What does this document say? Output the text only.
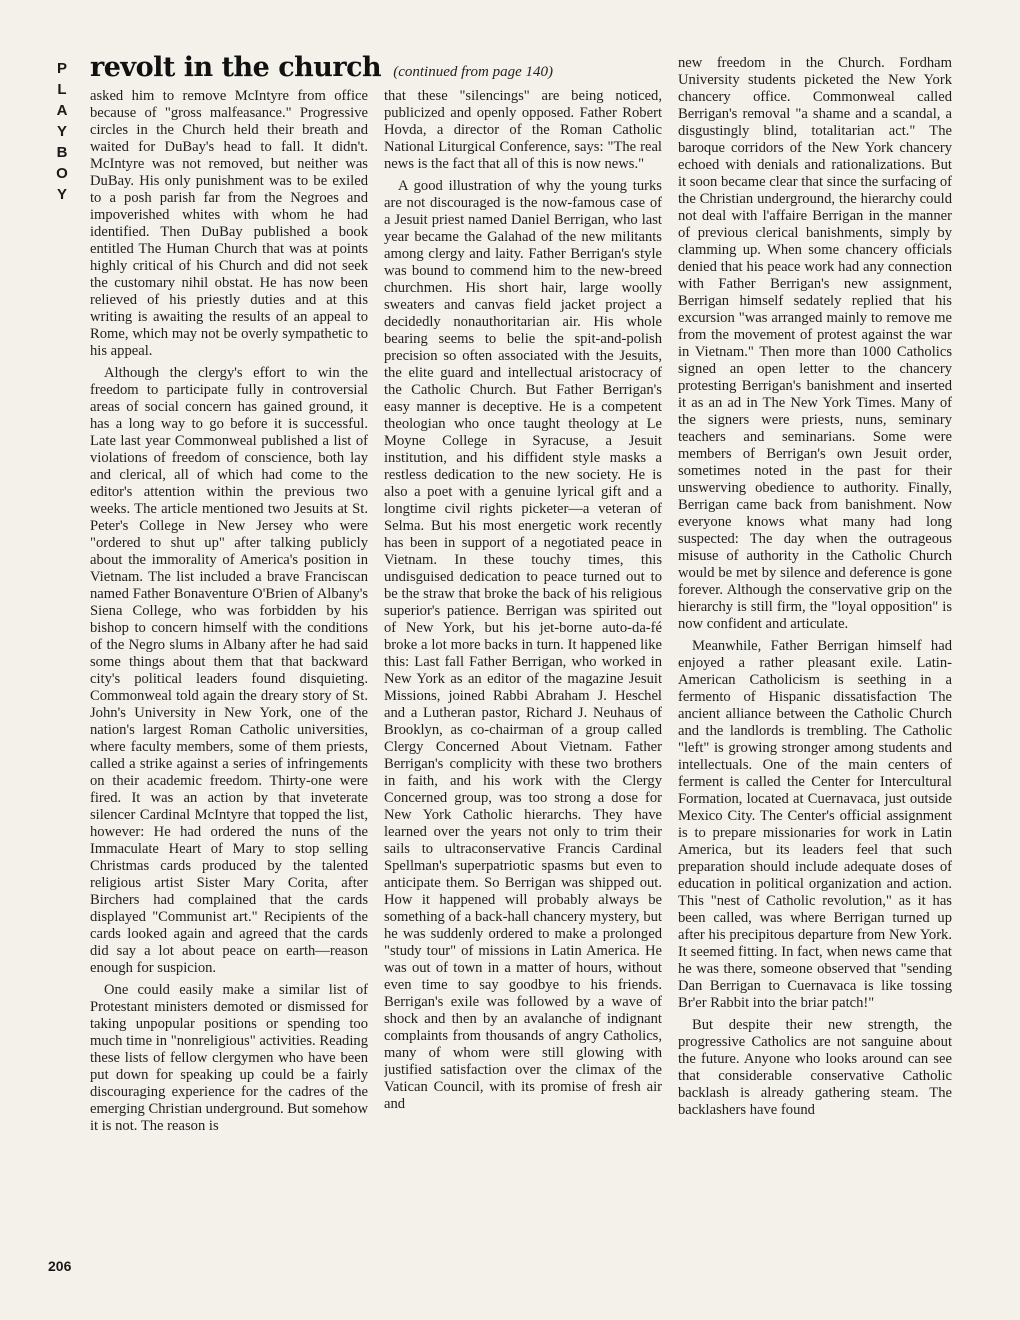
P
L
A
Y
B
O
Y
revolt in the church (continued from page 140)

asked him to remove McIntyre from office because of "gross malfeasance." Progressive circles in the Church held their breath and waited for DuBay's head to fall. It didn't. McIntyre was not removed, but neither was DuBay. His only punishment was to be exiled to a posh parish far from the Negroes and impoverished whites with whom he had identified. Then DuBay published a book entitled The Human Church that was at points highly critical of his Church and did not seek the customary nihil obstat. He has now been relieved of his priestly duties and at this writing is awaiting the results of an appeal to Rome, which may not be overly sympathetic to his appeal.

Although the clergy's effort to win the freedom to participate fully in controversial areas of social concern has gained ground, it has a long way to go before it is successful. Late last year Commonweal published a list of violations of freedom of conscience, both lay and clerical, all of which had come to the editor's attention within the previous two weeks. The article mentioned two Jesuits at St. Peter's College in New Jersey who were "ordered to shut up" after talking publicly about the immorality of America's position in Vietnam. The list included a brave Franciscan named Father Bonaventure O'Brien of Albany's Siena College, who was forbidden by his bishop to concern himself with the conditions of the Negro slums in Albany after he had said some things about them that that backward city's political leaders found disquieting. Commonweal told again the dreary story of St. John's University in New York, one of the nation's largest Roman Catholic universities, where faculty members, some of them priests, called a strike against a series of infringements on their academic freedom. Thirty-one were fired. It was an action by that inveterate silencer Cardinal McIntyre that topped the list, however: He had ordered the nuns of the Immaculate Heart of Mary to stop selling Christmas cards produced by the talented religious artist Sister Mary Corita, after Birchers had complained that the cards displayed "Communist art." Recipients of the cards looked again and agreed that the cards did say a lot about peace on earth—reason enough for suspicion.

One could easily make a similar list of Protestant ministers demoted or dismissed for taking unpopular positions or spending too much time in "nonreligious" activities. Reading these lists of fellow clergymen who have been put down for speaking up could be a fairly discouraging experience for the cadres of the emerging Christian underground. But somehow it is not. The reason is

that these "silencings" are being noticed, publicized and openly opposed. Father Robert Hovda, a director of the Roman Catholic National Liturgical Conference, says: "The real news is the fact that all of this is now news."

A good illustration of why the young turks are not discouraged is the now-famous case of a Jesuit priest named Daniel Berrigan, who last year became the Galahad of the new militants among clergy and laity. Father Berrigan's style was bound to commend him to the new-breed churchmen. His short hair, large woolly sweaters and canvas field jacket project a decidedly nonauthoritarian air. His whole bearing seems to belie the spit-and-polish precision so often associated with the Jesuits, the elite guard and intellectual aristocracy of the Catholic Church. But Father Berrigan's easy manner is deceptive. He is a competent theologian who once taught theology at Le Moyne College in Syracuse, a Jesuit institution, and his diffident style masks a restless dedication to the new society. He is also a poet with a genuine lyrical gift and a longtime civil rights picketer—a veteran of Selma. But his most energetic work recently has been in support of a negotiated peace in Vietnam. In these touchy times, this undisguised dedication to peace turned out to be the straw that broke the back of his religious superior's patience. Berrigan was spirited out of New York, but his jet-borne auto-da-fé broke a lot more backs in turn. It happened like this: Last fall Father Berrigan, who worked in New York as an editor of the magazine Jesuit Missions, joined Rabbi Abraham J. Heschel and a Lutheran pastor, Richard J. Neuhaus of Brooklyn, as co-chairman of a group called Clergy Concerned About Vietnam. Father Berrigan's complicity with these two brothers in faith, and his work with the Clergy Concerned group, was too strong a dose for New York Catholic hierarchs. They have learned over the years not only to trim their sails to ultraconservative Francis Cardinal Spellman's superpatriotic spasms but even to anticipate them. So Berrigan was shipped out. How it happened will probably always be something of a back-hall chancery mystery, but he was suddenly ordered to make a prolonged "study tour" of missions in Latin America. He was out of town in a matter of hours, without even time to say goodbye to his friends. Berrigan's exile was followed by a wave of shock and then by an avalanche of indignant complaints from thousands of angry Catholics, many of whom were still glowing with justified satisfaction over the climax of the Vatican Council, with its promise of fresh air and

new freedom in the Church. Fordham University students picketed the New York chancery office. Commonweal called Berrigan's removal "a shame and a scandal, a disgustingly blind, totalitarian act." The baroque corridors of the New York chancery echoed with denials and rationalizations. But it soon became clear that since the surfacing of the Christian underground, the hierarchy could not deal with l'affaire Berrigan in the manner of previous clerical banishments, simply by clamming up. When some chancery officials denied that his peace work had any connection with Father Berrigan's new assignment, Berrigan himself sedately replied that his excursion "was arranged mainly to remove me from the movement of protest against the war in Vietnam." Then more than 1000 Catholics signed an open letter to the chancery protesting Berrigan's banishment and inserted it as an ad in The New York Times. Many of the signers were priests, nuns, seminary teachers and seminarians. Some were members of Berrigan's own Jesuit order, sometimes noted in the past for their unswerving obedience to authority. Finally, Berrigan came back from banishment. Now everyone knows what many had long suspected: The day when the outrageous misuse of authority in the Catholic Church would be met by silence and deference is gone forever. Although the conservative grip on the hierarchy is still firm, the "loyal opposition" is now confident and articulate.

Meanwhile, Father Berrigan himself had enjoyed a rather pleasant exile. Latin-American Catholicism is seething in a fermento of Hispanic dissatisfaction The ancient alliance between the Catholic Church and the landlords is trembling. The Catholic "left" is growing stronger among students and intellectuals. One of the main centers of ferment is called the Center for Intercultural Formation, located at Cuernavaca, just outside Mexico City. The Center's official assignment is to prepare missionaries for work in Latin America, but its leaders feel that such preparation should include adequate doses of education in political organization and action. This "nest of Catholic revolution," as it has been called, was where Berrigan turned up after his precipitous departure from New York. It seemed fitting. In fact, when news came that he was there, someone observed that "sending Dan Berrigan to Cuernavaca is like tossing Br'er Rabbit into the briar patch!"

But despite their new strength, the progressive Catholics are not sanguine about the future. Anyone who looks around can see that considerable conservative Catholic backlash is already gathering steam. The backlashers have found

206
